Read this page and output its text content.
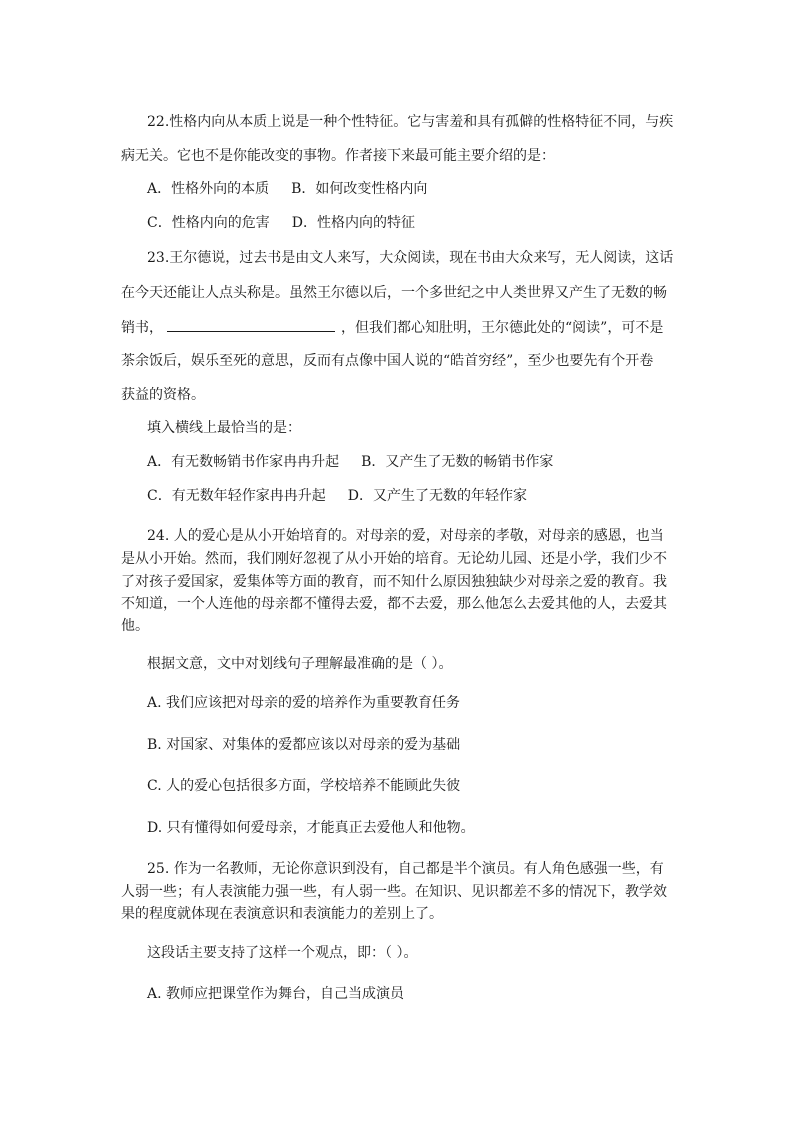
22.性格内向从本质上说是一种个性特征。它与害羞和具有孤僻的性格特征不同，与疾
病无关。它也不是你能改变的事物。作者接下来最可能主要介绍的是：
A．性格外向的本质 B．如何改变性格内向
C．性格内向的危害 D．性格内向的特征
23.王尔德说，过去书是由文人来写，大众阅读，现在书由大众来写，无人阅读，这话
在今天还能让人点头称是。虽然王尔德以后，一个多世纪之中人类世界又产生了无数的畅
销书，	，但我们都心知肚明，王尔德此处的“阅读”，可不是
茶余饭后，娱乐至死的意思，反而有点像中国人说的“皓首穷经”，至少也要先有个开卷
获益的资格。
填入横线上最恰当的是：
A．有无数畅销书作家冉冉升起 B．又产生了无数的畅销书作家
C．有无数年轻作家冉冉升起 D．又产生了无数的年轻作家
24. 人的爱心是从小开始培育的。对母亲的爱，对母亲的孝敬，对母亲的感恩，也当
是从小开始。然而，我们刚好忽视了从小开始的培育。无论幼儿园、还是小学，我们少不
了对孩子爱国家，爱集体等方面的教育，而不知什么原因独独缺少对母亲之爱的教育。我
不知道，一个人连他的母亲都不懂得去爱，都不去爱，那么他怎么去爱其他的人，去爱其
他。
根据文意，文中对划线句子理解最准确的是（ ）。
A. 我们应该把对母亲的爱的培养作为重要教育任务
B. 对国家、对集体的爱都应该以对母亲的爱为基础
C. 人的爱心包括很多方面，学校培养不能顾此失彼
D. 只有懂得如何爱母亲，才能真正去爱他人和他物。
25. 作为一名教师，无论你意识到没有，自己都是半个演员。有人角色感强一些，有
人弱一些；有人表演能力强一些，有人弱一些。在知识、见识都差不多的情况下，教学效
果的程度就体现在表演意识和表演能力的差别上了。
这段话主要支持了这样一个观点，即：（ ）。
A. 教师应把课堂作为舞台，自己当成演员
